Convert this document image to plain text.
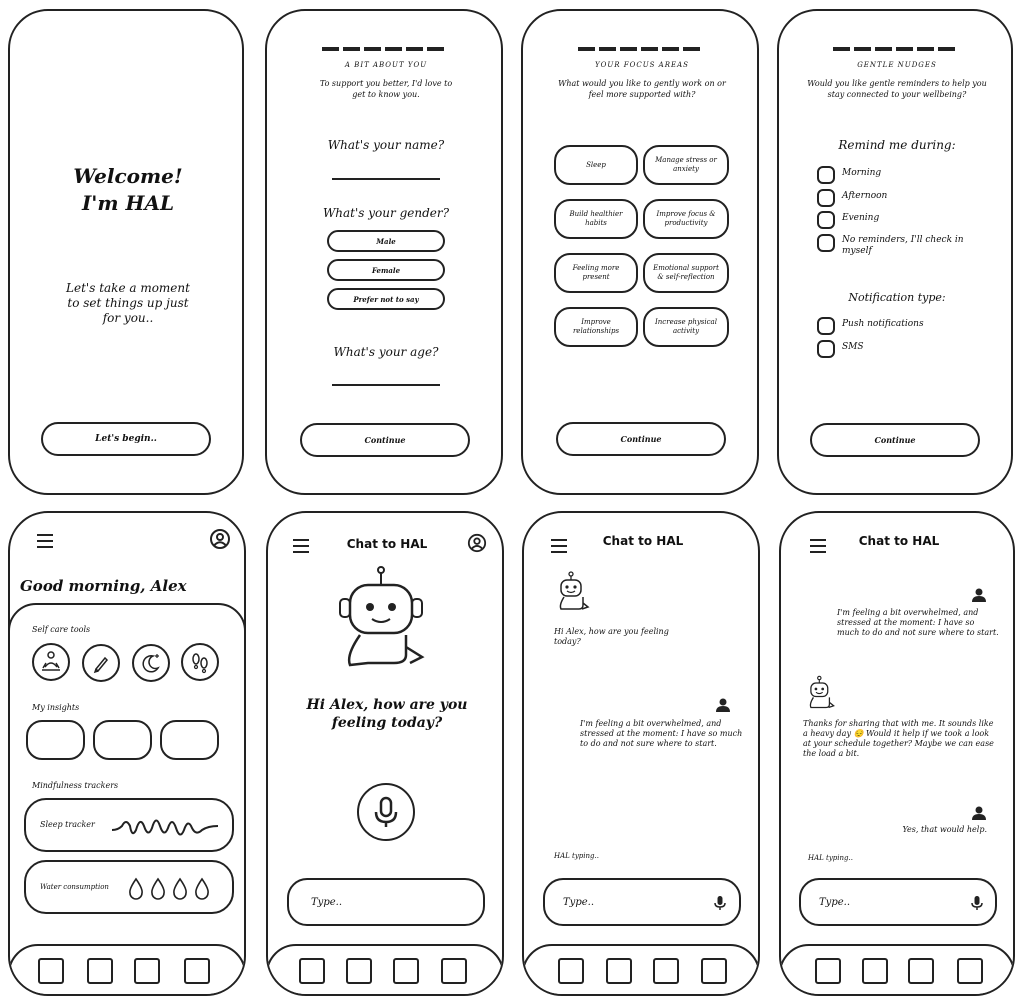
Welcome!
I'm HAL
Let's take a moment to set things up just for you..
Let's begin..
A BIT ABOUT YOU
To support you better, I'd love to get to know you.
What's your name?
What's your gender?
Male
Female
Prefer not to say
What's your age?
Continue
YOUR FOCUS AREAS
What would you like to gently work on or feel more supported with?
Sleep
Manage stress or anxiety
Build healthier habits
Improve focus & productivity
Feeling more present
Emotional support & self-reflection
Improve relationships
Increase physical activity
Continue
GENTLE NUDGES
Would you like gentle reminders to help you stay connected to your wellbeing?
Remind me during:
Morning
Afternoon
Evening
No reminders, I'll check in myself
Notification type:
Push notifications
SMS
Continue
Good morning, Alex
Self care tools
My insights
Mindfulness trackers
Sleep tracker
Water consumption
Chat to HAL
Hi Alex, how are you feeling today?
Type..
Chat to HAL
Hi Alex, how are you feeling today?
I'm feeling a bit overwhelmed, and stressed at the moment: I have so much to do and not sure where to start.
HAL typing..
Type..
Chat to HAL
I'm feeling a bit overwhelmed, and stressed at the moment: I have so much to do and not sure where to start.
Thanks for sharing that with me. It sounds like a heavy day 😔 Would it help if we took a look at your schedule together? Maybe we can ease the load a bit.
Yes, that would help.
HAL typing..
Type..
